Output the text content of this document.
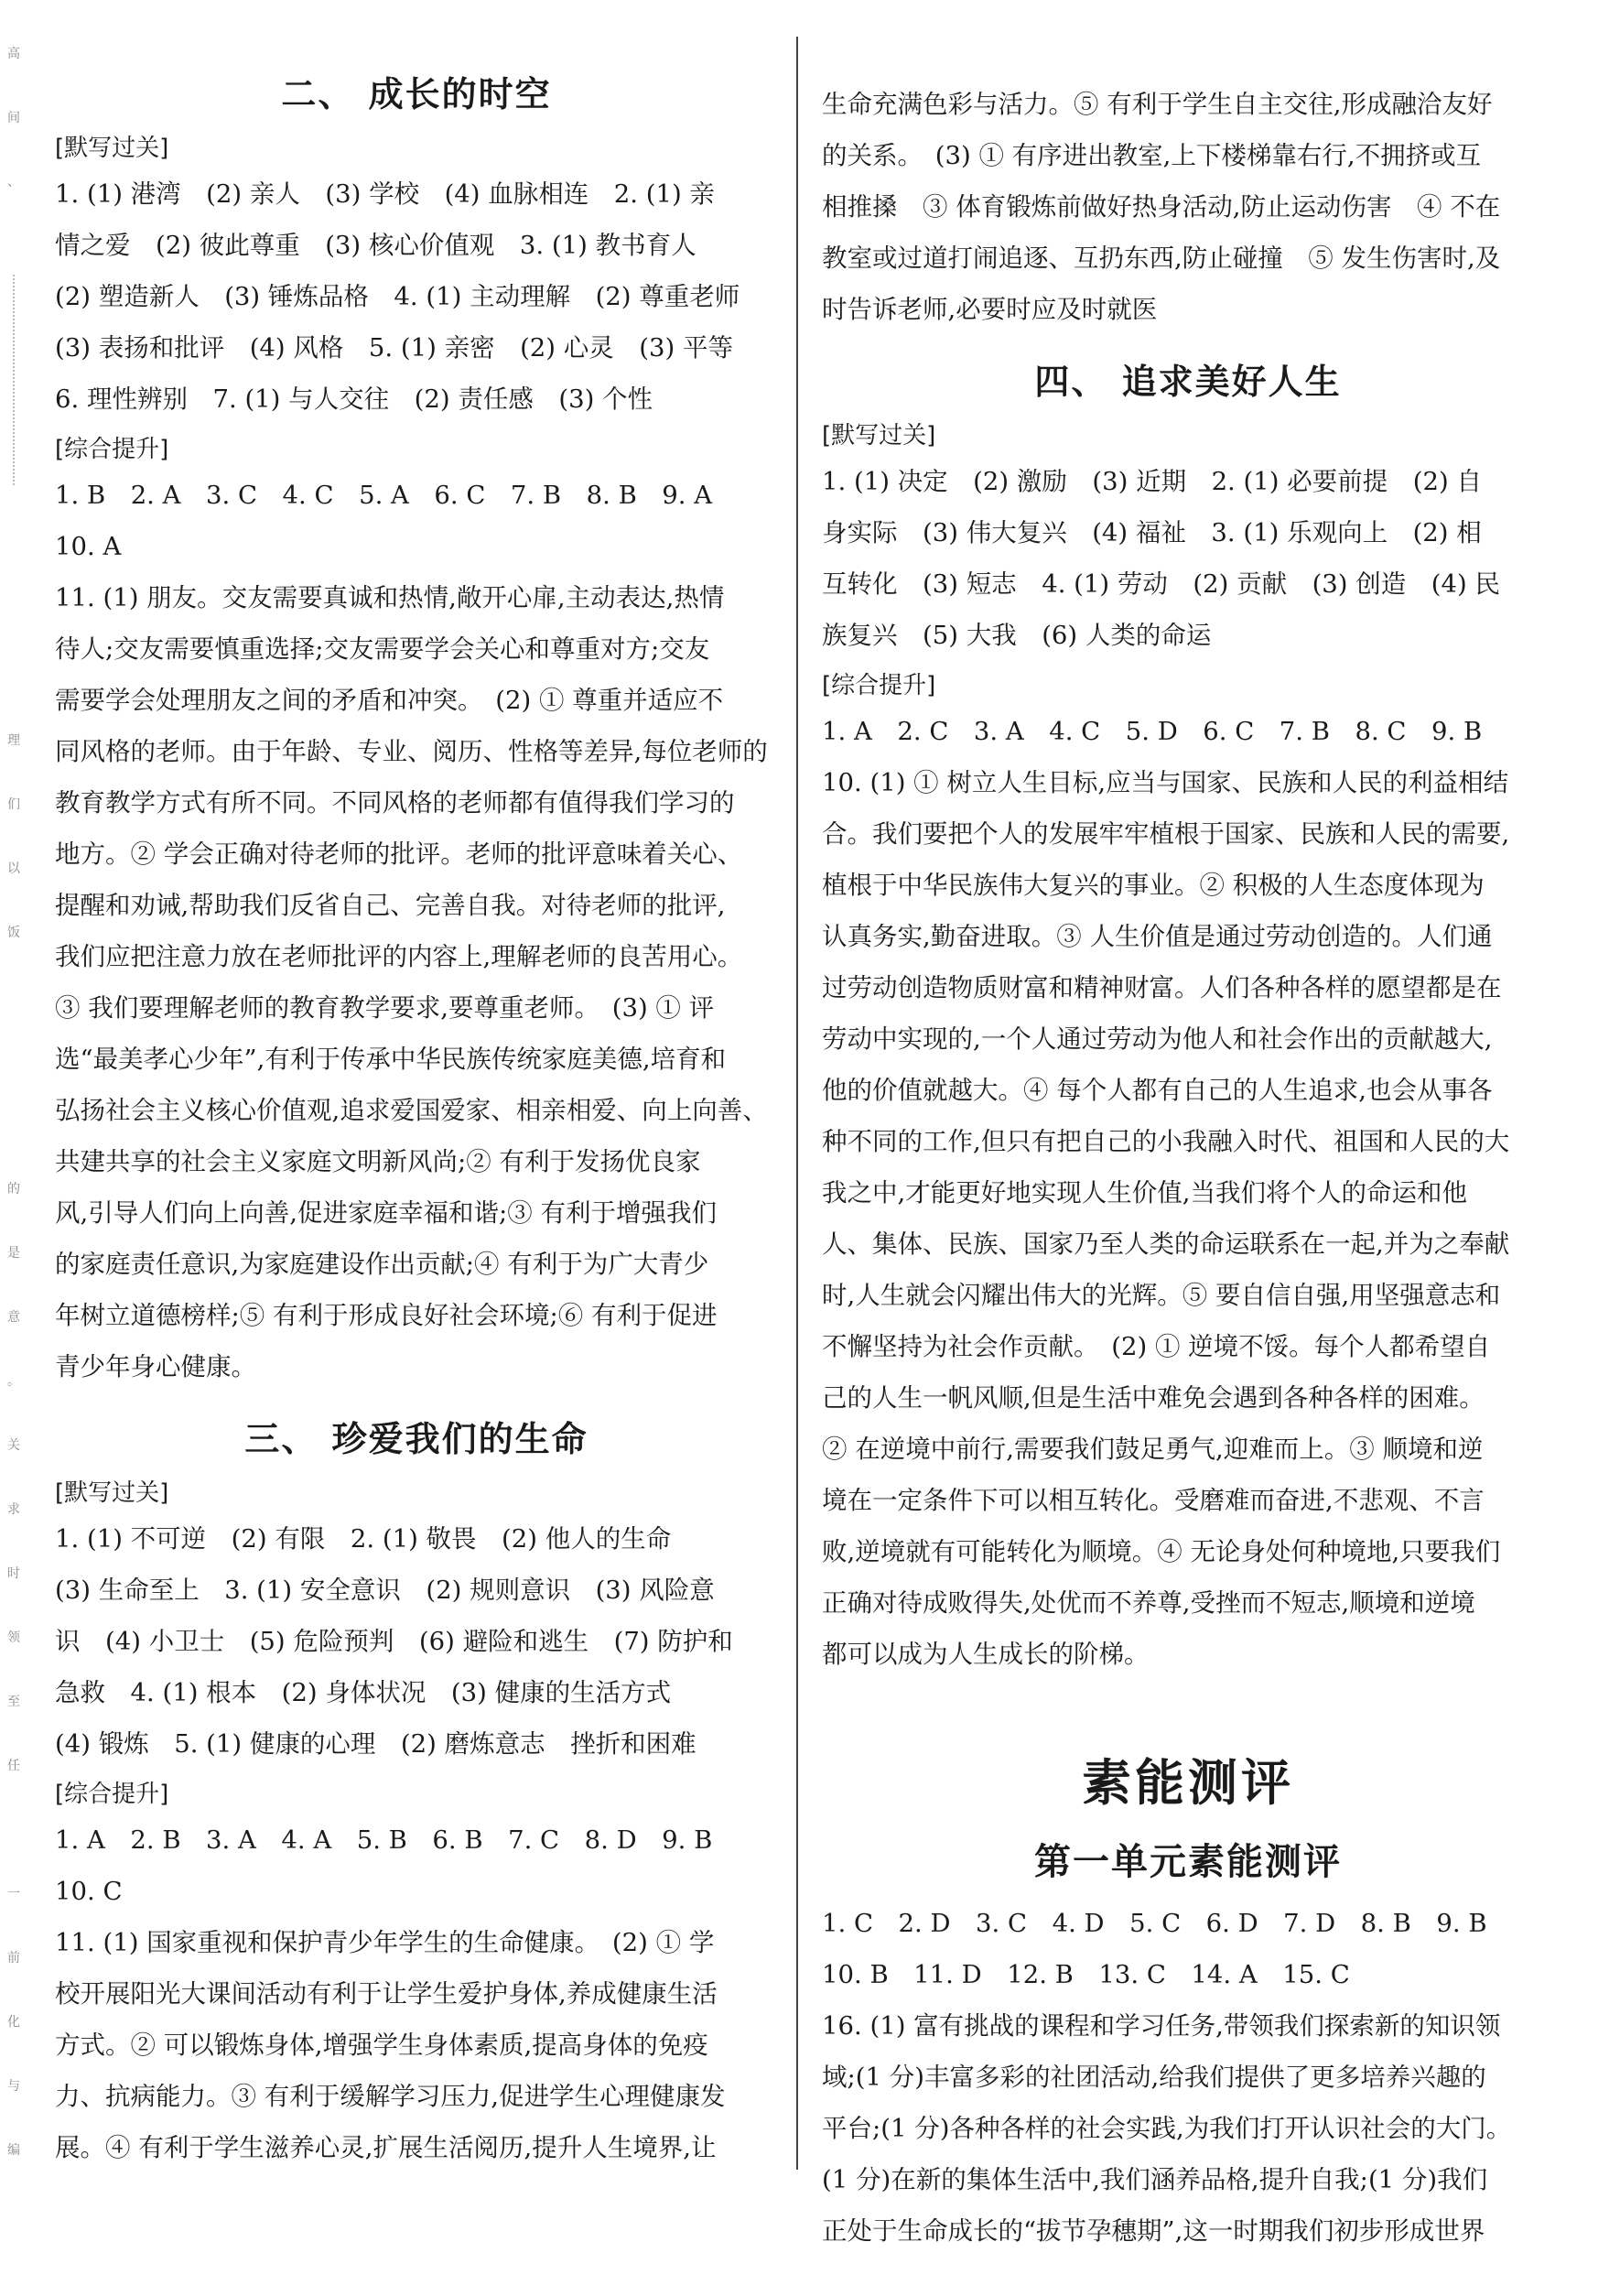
高
间
、
理
们
以
饭
的
是
意
。
关
求
时
领
至
任
一
前
化
与
编
二、 成长的时空
[默写过关]

1. (1) 港湾　(2) 亲人　(3) 学校　(4) 血脉相连　2. (1) 亲

情之爱　(2) 彼此尊重　(3) 核心价值观　3. (1) 教书育人

(2) 塑造新人　(3) 锤炼品格　4. (1) 主动理解　(2) 尊重老师

(3) 表扬和批评　(4) 风格　5. (1) 亲密　(2) 心灵　(3) 平等

6. 理性辨别　7. (1) 与人交往　(2) 责任感　(3) 个性

[综合提升]

1. B　2. A　3. C　4. C　5. A　6. C　7. B　8. B　9. A

10. A

11. (1) 朋友。交友需要真诚和热情,敞开心扉,主动表达,热情

待人;交友需要慎重选择;交友需要学会关心和尊重对方;交友

需要学会处理朋友之间的矛盾和冲突。　(2) ① 尊重并适应不

同风格的老师。由于年龄、专业、阅历、性格等差异,每位老师的

教育教学方式有所不同。不同风格的老师都有值得我们学习的

地方。② 学会正确对待老师的批评。老师的批评意味着关心、

提醒和劝诫,帮助我们反省自己、完善自我。对待老师的批评,

我们应把注意力放在老师批评的内容上,理解老师的良苦用心。

③ 我们要理解老师的教育教学要求,要尊重老师。　(3) ① 评

选“最美孝心少年”,有利于传承中华民族传统家庭美德,培育和

弘扬社会主义核心价值观,追求爱国爱家、相亲相爱、向上向善、

共建共享的社会主义家庭文明新风尚;② 有利于发扬优良家

风,引导人们向上向善,促进家庭幸福和谐;③ 有利于增强我们

的家庭责任意识,为家庭建设作出贡献;④ 有利于为广大青少

年树立道德榜样;⑤ 有利于形成良好社会环境;⑥ 有利于促进

青少年身心健康。

三、 珍爱我们的生命
[默写过关]

1. (1) 不可逆　(2) 有限　2. (1) 敬畏　(2) 他人的生命

(3) 生命至上　3. (1) 安全意识　(2) 规则意识　(3) 风险意

识　(4) 小卫士　(5) 危险预判　(6) 避险和逃生　(7) 防护和

急救　4. (1) 根本　(2) 身体状况　(3) 健康的生活方式

(4) 锻炼　5. (1) 健康的心理　(2) 磨炼意志　挫折和困难

[综合提升]

1. A　2. B　3. A　4. A　5. B　6. B　7. C　8. D　9. B

10. C

11. (1) 国家重视和保护青少年学生的生命健康。　(2) ① 学

校开展阳光大课间活动有利于让学生爱护身体,养成健康生活

方式。② 可以锻炼身体,增强学生身体素质,提高身体的免疫

力、抗病能力。③ 有利于缓解学习压力,促进学生心理健康发

展。④ 有利于学生滋养心灵,扩展生活阅历,提升人生境界,让

生命充满色彩与活力。⑤ 有利于学生自主交往,形成融洽友好

的关系。　(3) ① 有序进出教室,上下楼梯靠右行,不拥挤或互

相推搡　③ 体育锻炼前做好热身活动,防止运动伤害　④ 不在

教室或过道打闹追逐、互扔东西,防止碰撞　⑤ 发生伤害时,及

时告诉老师,必要时应及时就医

四、 追求美好人生
[默写过关]

1. (1) 决定　(2) 激励　(3) 近期　2. (1) 必要前提　(2) 自

身实际　(3) 伟大复兴　(4) 福祉　3. (1) 乐观向上　(2) 相

互转化　(3) 短志　4. (1) 劳动　(2) 贡献　(3) 创造　(4) 民

族复兴　(5) 大我　(6) 人类的命运

[综合提升]

1. A　2. C　3. A　4. C　5. D　6. C　7. B　8. C　9. B

10. (1) ① 树立人生目标,应当与国家、民族和人民的利益相结

合。我们要把个人的发展牢牢植根于国家、民族和人民的需要,

植根于中华民族伟大复兴的事业。② 积极的人生态度体现为

认真务实,勤奋进取。③ 人生价值是通过劳动创造的。人们通

过劳动创造物质财富和精神财富。人们各种各样的愿望都是在

劳动中实现的,一个人通过劳动为他人和社会作出的贡献越大,

他的价值就越大。④ 每个人都有自己的人生追求,也会从事各

种不同的工作,但只有把自己的小我融入时代、祖国和人民的大

我之中,才能更好地实现人生价值,当我们将个人的命运和他

人、集体、民族、国家乃至人类的命运联系在一起,并为之奉献

时,人生就会闪耀出伟大的光辉。⑤ 要自信自强,用坚强意志和

不懈坚持为社会作贡献。　(2) ① 逆境不馁。每个人都希望自

己的人生一帆风顺,但是生活中难免会遇到各种各样的困难。

② 在逆境中前行,需要我们鼓足勇气,迎难而上。③ 顺境和逆

境在一定条件下可以相互转化。受磨难而奋进,不悲观、不言

败,逆境就有可能转化为顺境。④ 无论身处何种境地,只要我们

正确对待成败得失,处优而不养尊,受挫而不短志,顺境和逆境

都可以成为人生成长的阶梯。

素能测评
第一单元素能测评

1. C　2. D　3. C　4. D　5. C　6. D　7. D　8. B　9. B

10. B　11. D　12. B　13. C　14. A　15. C

16. (1) 富有挑战的课程和学习任务,带领我们探索新的知识领

域;(1 分)丰富多彩的社团活动,给我们提供了更多培养兴趣的

平台;(1 分)各种各样的社会实践,为我们打开认识社会的大门。

(1 分)在新的集体生活中,我们涵养品格,提升自我;(1 分)我们

正处于生命成长的“拔节孕穗期”,这一时期我们初步形成世界
